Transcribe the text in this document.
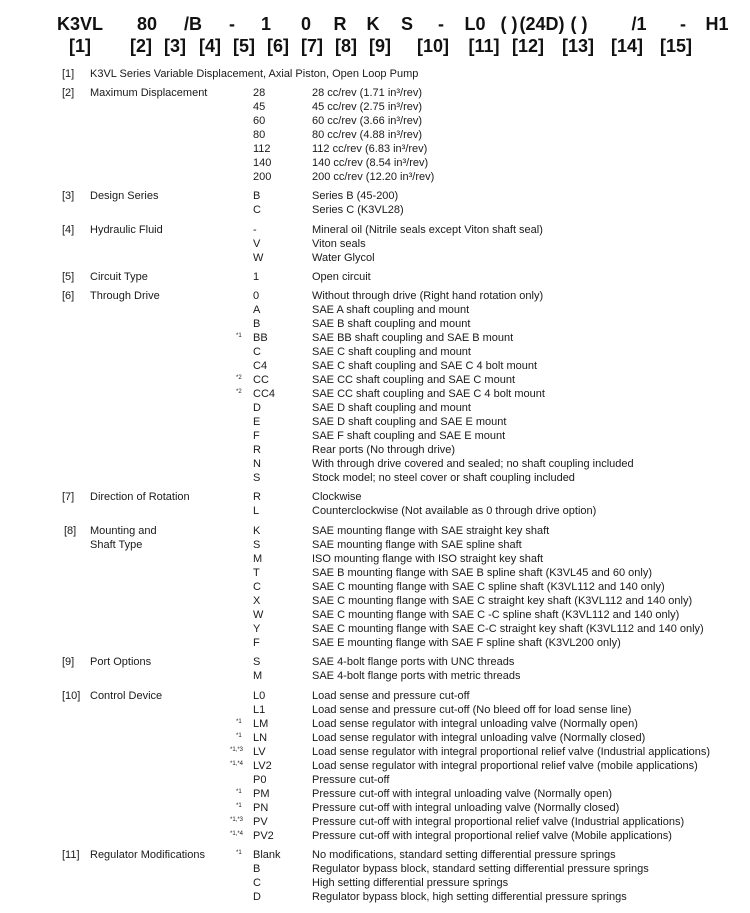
K3VL 80 /B - 1 0 R K S - L0 ( ) (24D) ( ) /1 - H1
[1] [2] [3] [4] [5] [6] [7] [8] [9] [10] [11] [12] [13] [14] [15]
[1] K3VL Series Variable Displacement, Axial Piston, Open Loop Pump
[2] Maximum Displacement	28	28 cc/rev (1.71 in³/rev)
45	45 cc/rev (2.75 in³/rev)
60	60 cc/rev (3.66 in³/rev)
80	80 cc/rev (4.88 in³/rev)
112	112 cc/rev (6.83 in³/rev)
140	140 cc/rev (8.54 in³/rev)
200	200 cc/rev (12.20 in³/rev)
[3] Design Series	B	Series B (45-200)
C	Series C (K3VL28)
[4] Hydraulic Fluid	-	Mineral oil (Nitrile seals except Viton shaft seal)
V	Viton seals
W	Water Glycol
[5] Circuit Type	1	Open circuit
[6] Through Drive	0	Without through drive (Right hand rotation only)
A	SAE A shaft coupling and mount
B	SAE B shaft coupling and mount
*1 BB	SAE BB shaft coupling and SAE B mount
C	SAE C shaft coupling and mount
C4	SAE C shaft coupling and SAE C 4 bolt mount
*2 CC	SAE CC shaft coupling and SAE C mount
*2 CC4	SAE CC shaft coupling and SAE C 4 bolt mount
D	SAE D shaft coupling and mount
E	SAE D shaft coupling and SAE E mount
F	SAE F shaft coupling and SAE E mount
R	Rear ports (No through drive)
N	With through drive covered and sealed; no shaft coupling included
S	Stock model; no steel cover or shaft coupling included
[7] Direction of Rotation	R	Clockwise
L	Counterclockwise (Not available as 0 through drive option)
[8] Mounting and
Shaft Type
K	SAE mounting flange with SAE straight key shaft
S	SAE mounting flange with SAE spline shaft
M	ISO mounting flange with ISO straight key shaft
T	SAE B mounting flange with SAE B spline shaft (K3VL45 and 60 only)
C	SAE C mounting flange with SAE C spline shaft (K3VL112 and 140 only)
X	SAE C mounting flange with SAE C straight key shaft (K3VL112 and 140 only)
W	SAE C mounting flange with SAE C -C spline shaft (K3VL112 and 140 only)
Y	SAE C mounting flange with SAE C-C straight key shaft (K3VL112 and 140 only)
F	SAE E mounting flange with SAE F spline shaft (K3VL200 only)
[9] Port Options	S	SAE 4-bolt flange ports with UNC threads
M	SAE 4-bolt flange ports with metric threads
[10] Control Device	L0	Load sense and pressure cut-off
L1	Load sense and pressure cut-off (No bleed off for load sense line)
*1 LM	Load sense regulator with integral unloading valve (Normally open)
*1 LN	Load sense regulator with integral unloading valve (Normally closed)
*1,*3 LV	Load sense regulator with integral proportional relief valve (Industrial applications)
*1,*4 LV2	Load sense regulator with integral proportional relief valve (mobile applications)
P0	Pressure cut-off
*1 PM	Pressure cut-off with integral unloading valve (Normally open)
*1 PN	Pressure cut-off with integral unloading valve (Normally closed)
*1,*3 PV	Pressure cut-off with integral proportional relief valve (Industrial applications)
*1,*4 PV2	Pressure cut-off with integral proportional relief valve (Mobile applications)
[11] Regulator Modifications	*1 Blank	No modifications, standard setting differential pressure springs
B	Regulator bypass block, standard setting differential pressure springs
C	High setting differential pressure springs
D	Regulator bypass block, high setting differential pressure springs
